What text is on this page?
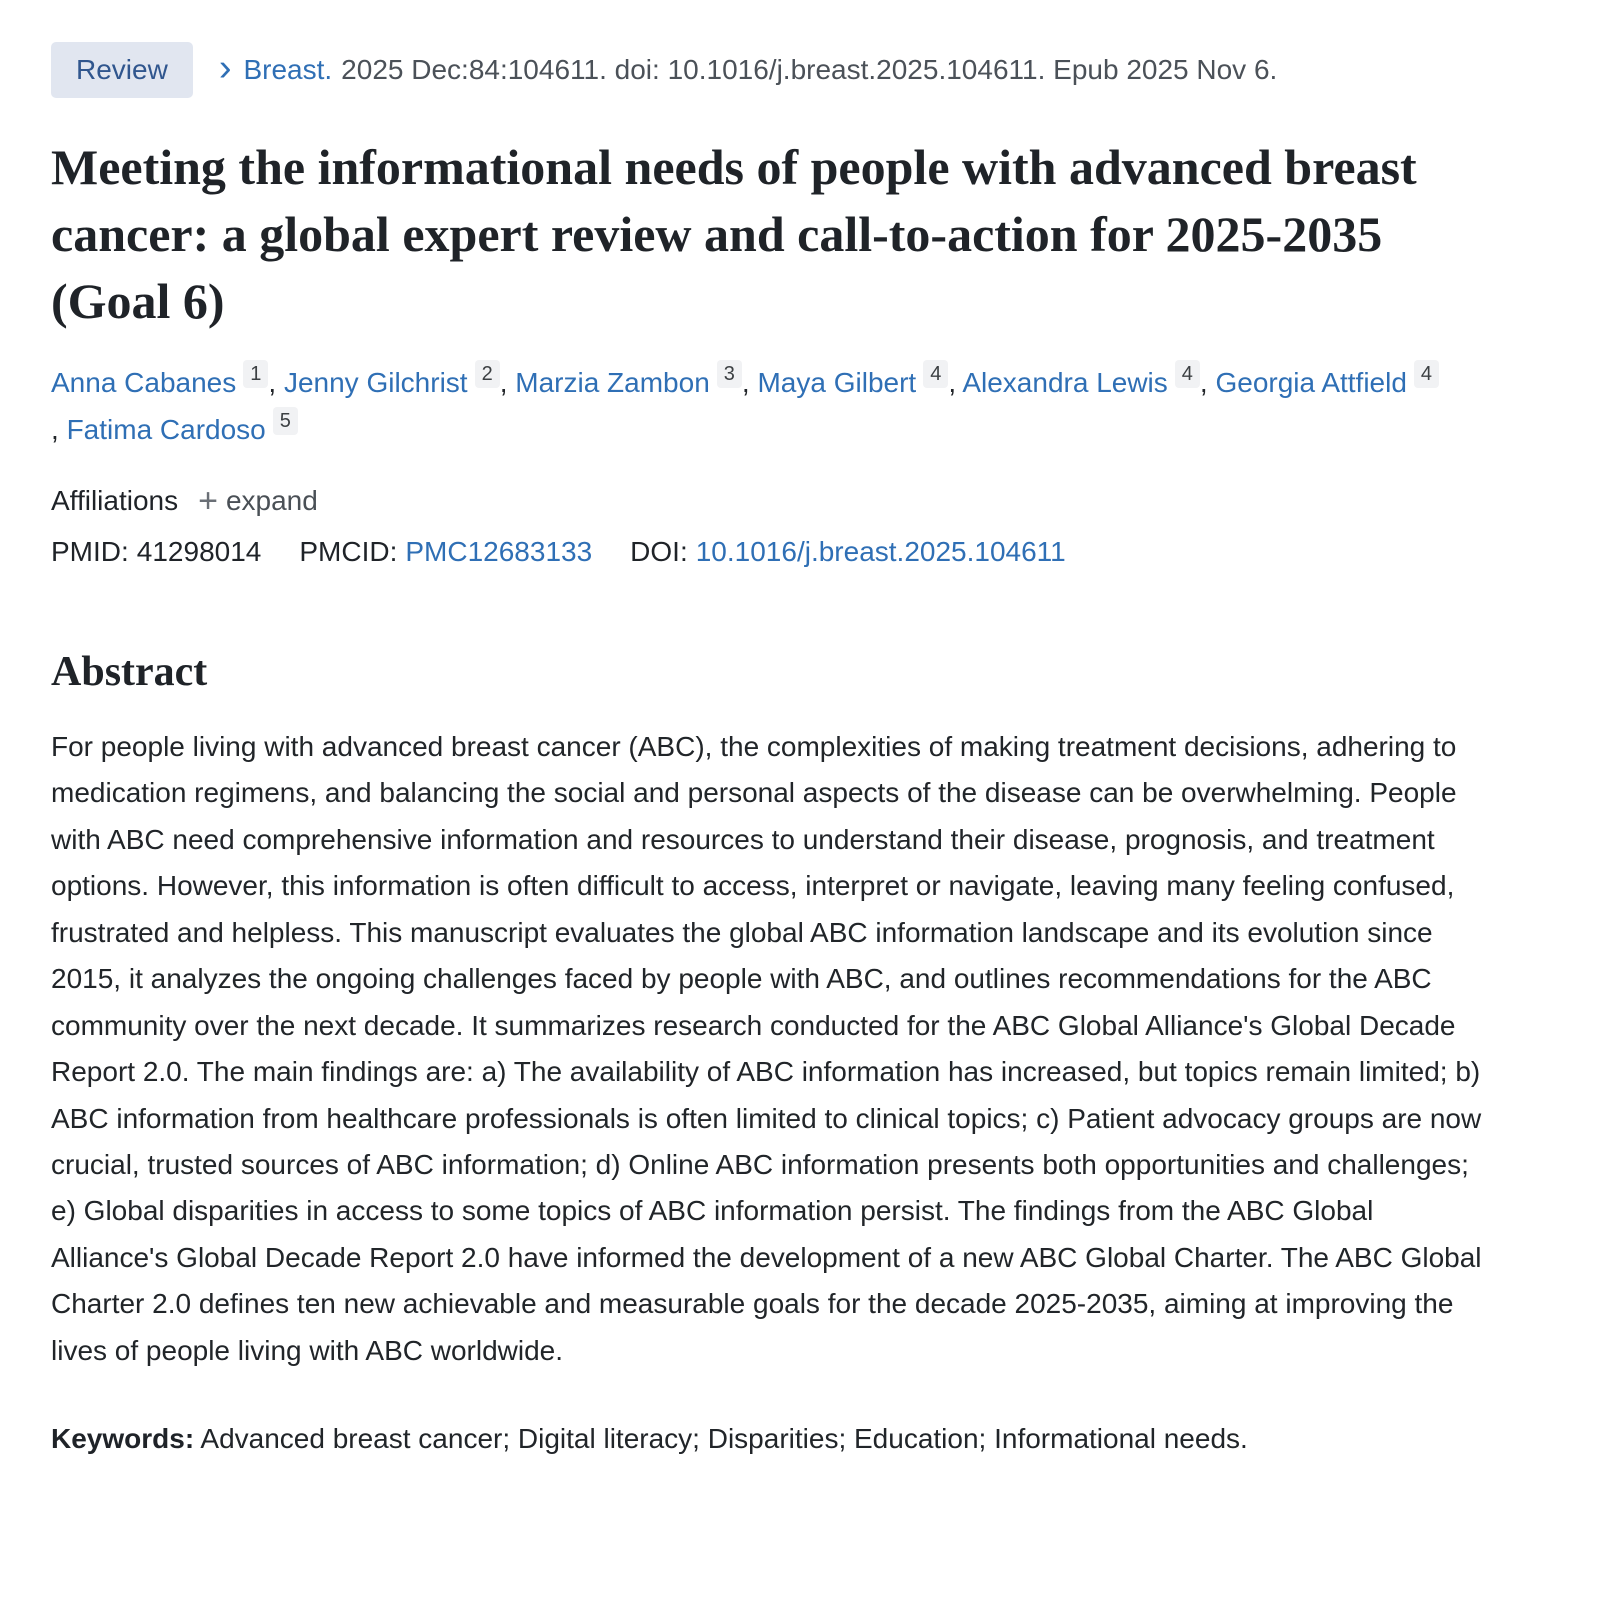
Review	› Breast. 2025 Dec:84:104611. doi: 10.1016/j.breast.2025.104611. Epub 2025 Nov 6.
Meeting the informational needs of people with advanced breast cancer: a global expert review and call-to-action for 2025-2035 (Goal 6)
Anna Cabanes 1 , Jenny Gilchrist 2 , Marzia Zambon 3 , Maya Gilbert 4 , Alexandra Lewis 4 , Georgia Attfield 4 , Fatima Cardoso 5
Affiliations + expand
PMID: 41298014 PMCID: PMC12683133 DOI: 10.1016/j.breast.2025.104611
Abstract

For people living with advanced breast cancer (ABC), the complexities of making treatment decisions, adhering to medication regimens, and balancing the social and personal aspects of the disease can be overwhelming. People with ABC need comprehensive information and resources to understand their disease, prognosis, and treatment options. However, this information is often difficult to access, interpret or navigate, leaving many feeling confused, frustrated and helpless. This manuscript evaluates the global ABC information landscape and its evolution since 2015, it analyzes the ongoing challenges faced by people with ABC, and outlines recommendations for the ABC community over the next decade. It summarizes research conducted for the ABC Global Alliance's Global Decade Report 2.0. The main findings are: a) The availability of ABC information has increased, but topics remain limited; b) ABC information from healthcare professionals is often limited to clinical topics; c) Patient advocacy groups are now crucial, trusted sources of ABC information; d) Online ABC information presents both opportunities and challenges; e) Global disparities in access to some topics of ABC information persist. The findings from the ABC Global Alliance's Global Decade Report 2.0 have informed the development of a new ABC Global Charter. The ABC Global Charter 2.0 defines ten new achievable and measurable goals for the decade 2025-2035, aiming at improving the lives of people living with ABC worldwide.

Keywords: Advanced breast cancer; Digital literacy; Disparities; Education; Informational needs.
